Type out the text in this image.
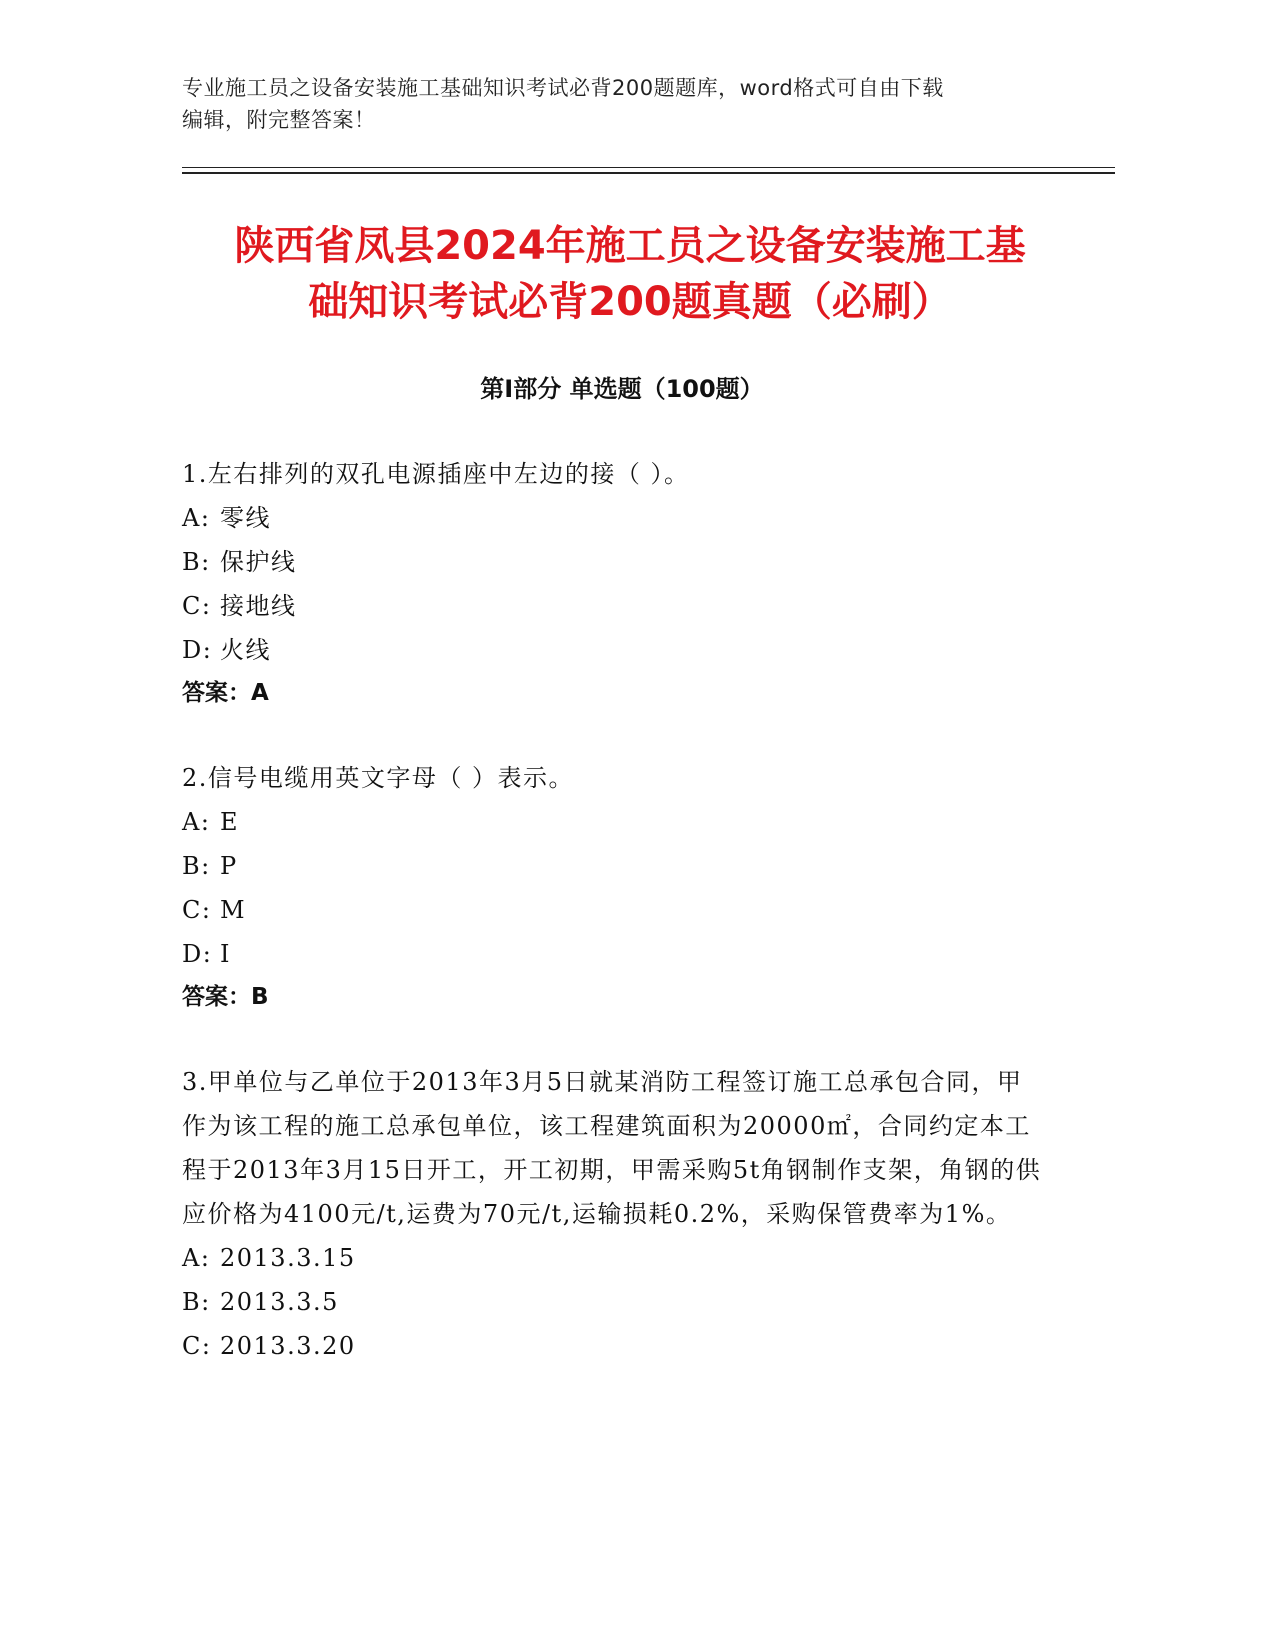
专业施工员之设备安装施工基础知识考试必背200题题库，word格式可自由下载
编辑，附完整答案！
陕西省凤县2024年施工员之设备安装施工基
础知识考试必背200题真题（必刷）
第Ⅰ部分 单选题（100题）
1.左右排列的双孔电源插座中左边的接（ ）。
A: 零线
B: 保护线
C: 接地线
D: 火线
答案：A
2.信号电缆用英文字母（ ）表示。
A: E
B: P
C: M
D: I
答案：B
3.甲单位与乙单位于2013年3月5日就某消防工程签订施工总承包合同，甲作为该工程的施工总承包单位，该工程建筑面积为20000㎡，合同约定本工程于2013年3月15日开工，开工初期，甲需采购5t角钢制作支架，角钢的供应价格为4100元/t,运费为70元/t,运输损耗0.2%，采购保管费率为1%。
A: 2013.3.15
B: 2013.3.5
C: 2013.3.20
